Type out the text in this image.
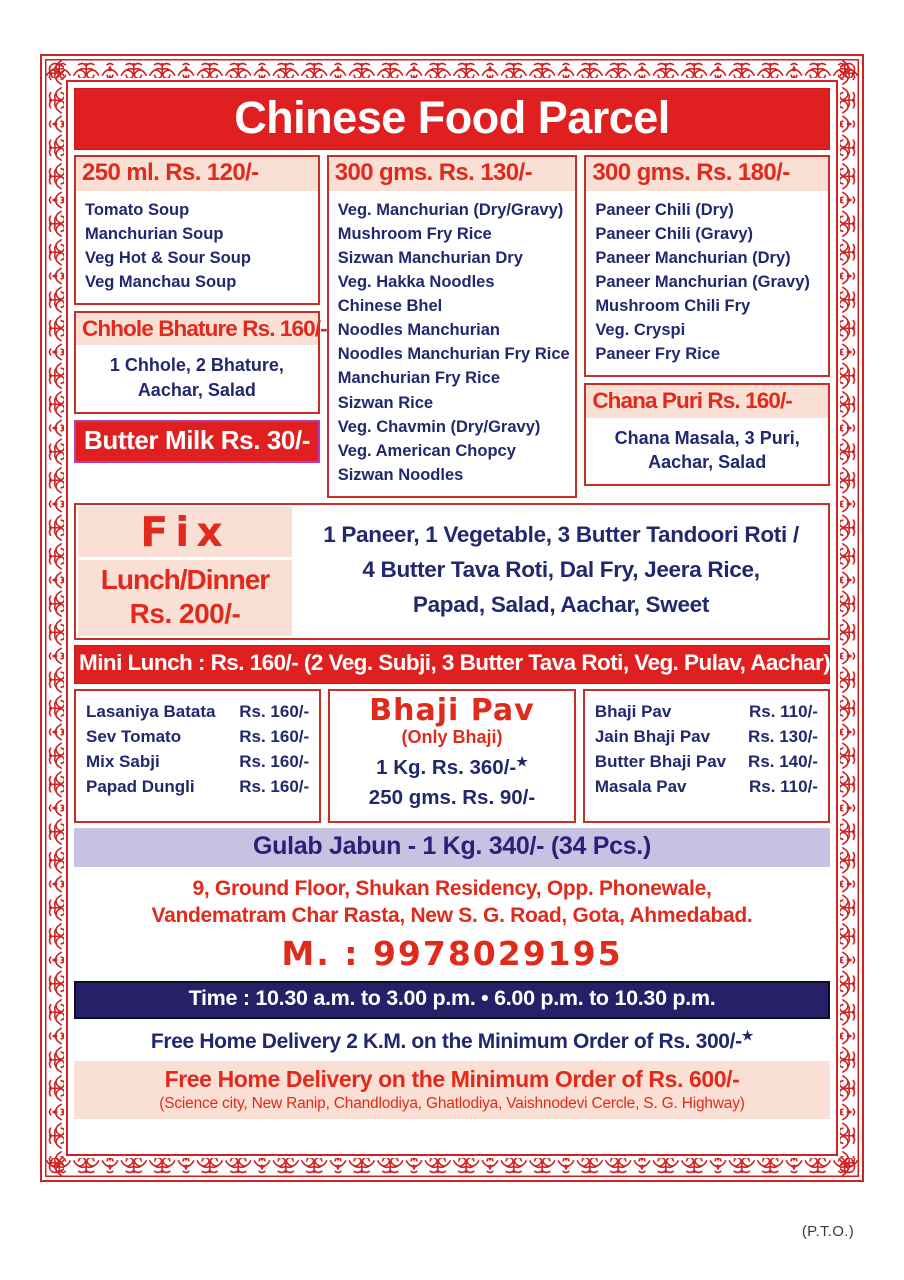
Chinese Food Parcel
250 ml. Rs. 120/-
Tomato Soup
Manchurian Soup
Veg Hot & Sour Soup
Veg Manchau Soup
Chhole Bhature Rs. 160/-
1 Chhole, 2 Bhature,
Aachar, Salad
Butter Milk Rs. 30/-
300 gms. Rs. 130/-
Veg. Manchurian (Dry/Gravy)
Mushroom Fry Rice
Sizwan Manchurian Dry
Veg. Hakka Noodles
Chinese Bhel
Noodles Manchurian
Noodles Manchurian Fry Rice
Manchurian Fry Rice
Sizwan Rice
Veg. Chavmin (Dry/Gravy)
Veg. American Chopcy
Sizwan Noodles
300 gms. Rs. 180/-
Paneer Chili (Dry)
Paneer Chili (Gravy)
Paneer Manchurian (Dry)
Paneer Manchurian (Gravy)
Mushroom Chili Fry
Veg. Cryspi
Paneer Fry Rice
Chana Puri Rs. 160/-
Chana Masala, 3 Puri,
Aachar, Salad
Fix
Lunch/Dinner
Rs. 200/-
1 Paneer, 1 Vegetable, 3 Butter Tandoori Roti /
4 Butter Tava Roti, Dal Fry, Jeera Rice,
Papad, Salad, Aachar, Sweet
Mini Lunch : Rs. 160/- (2 Veg. Subji, 3 Butter Tava Roti, Veg. Pulav, Aachar)
Lasaniya Batata Rs. 160/-
Sev Tomato	Rs. 160/-
Mix Sabji	Rs. 160/-
Papad Dungli	Rs. 160/-
Bhaji Pav
(Only Bhaji)
1 Kg. Rs. 360/-★
250 gms. Rs. 90/-
Bhaji Pav	Rs. 110/-
Jain Bhaji Pav Rs. 130/-
Butter Bhaji Pav Rs. 140/-
Masala Pav	Rs. 110/-
Gulab Jabun - 1 Kg. 340/- (34 Pcs.)
9, Ground Floor, Shukan Residency, Opp. Phonewale,
Vandematram Char Rasta, New S. G. Road, Gota, Ahmedabad.
M. : 9978029195
Time : 10.30 a.m. to 3.00 p.m. • 6.00 p.m. to 10.30 p.m.
Free Home Delivery 2 K.M. on the Minimum Order of Rs. 300/-★
Free Home Delivery on the Minimum Order of Rs. 600/-
(Science city, New Ranip, Chandlodiya, Ghatlodiya, Vaishnodevi Cercle, S. G. Highway)
(P.T.O.)
